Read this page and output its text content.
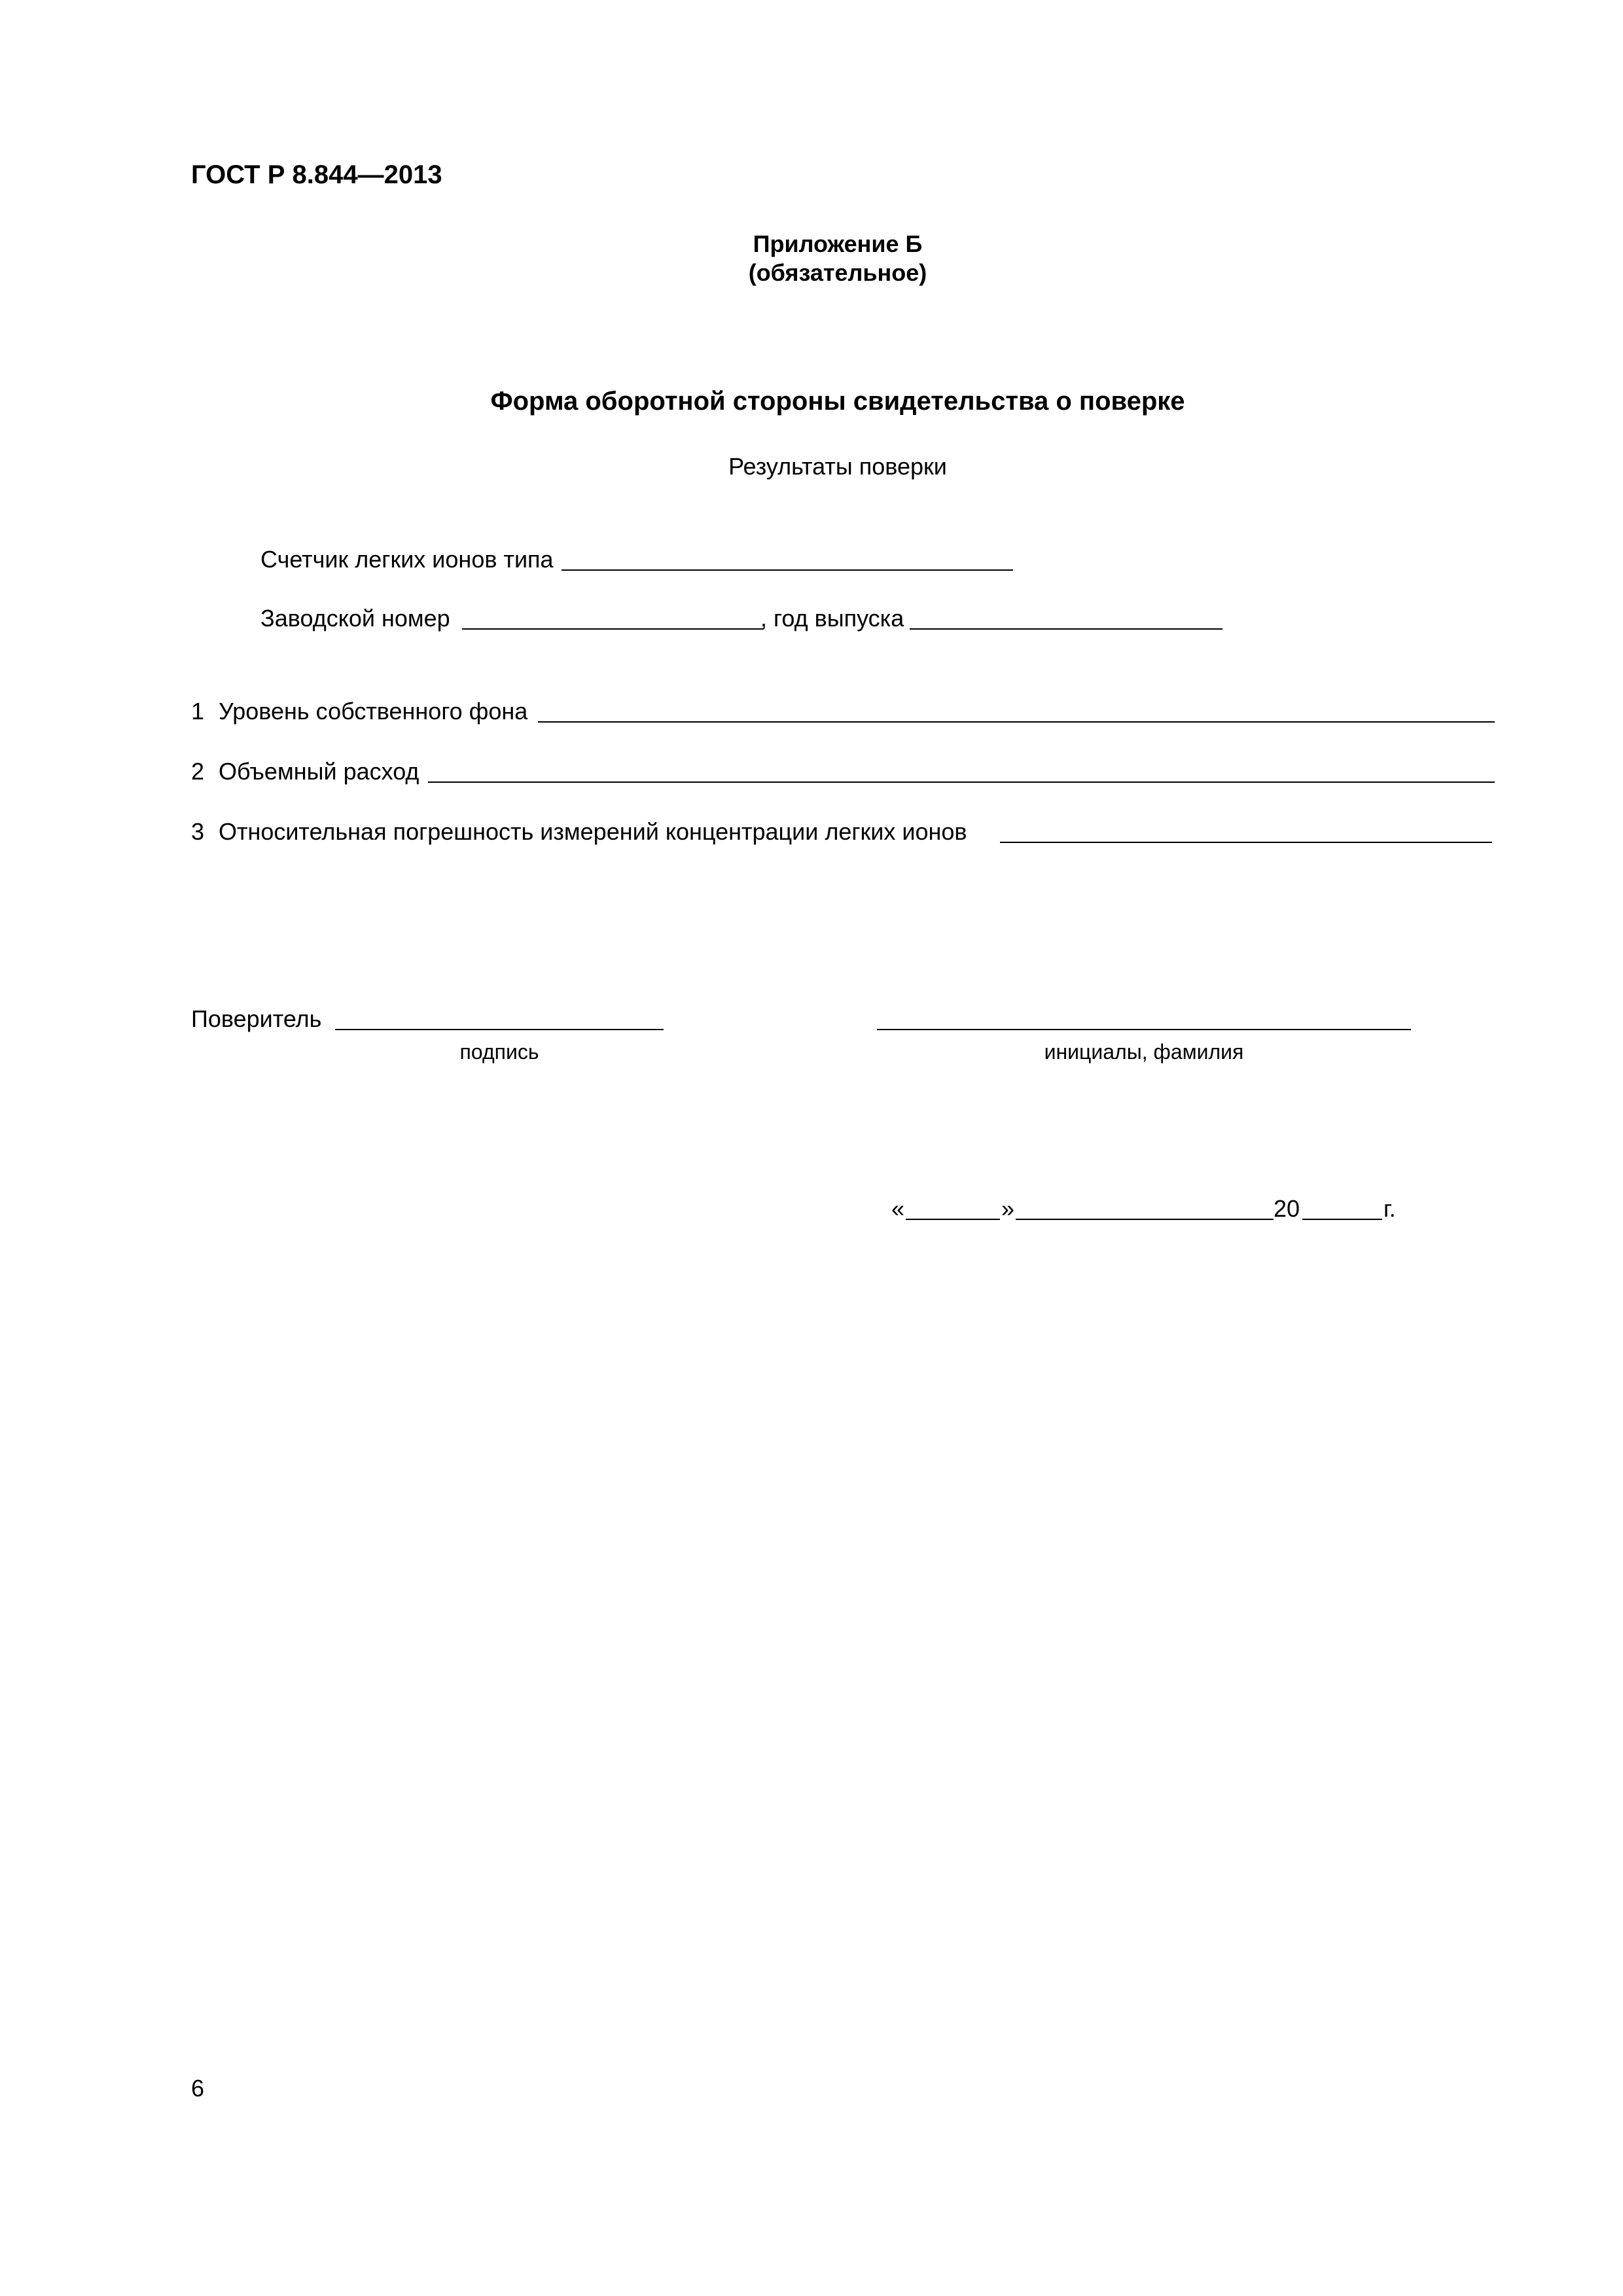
ГОСТ Р 8.844—2013
Приложение Б
(обязательное)
Форма оборотной стороны свидетельства о поверке
Результаты поверки
Счетчик легких ионов типа
Заводской номер	, год выпуска
1 Уровень собственного фона
2 Объемный расход
3 Относительная погрешность измерений концентрации легких ионов
Поверитель
подпись	инициалы, фамилия
«	»	20	г.
6
